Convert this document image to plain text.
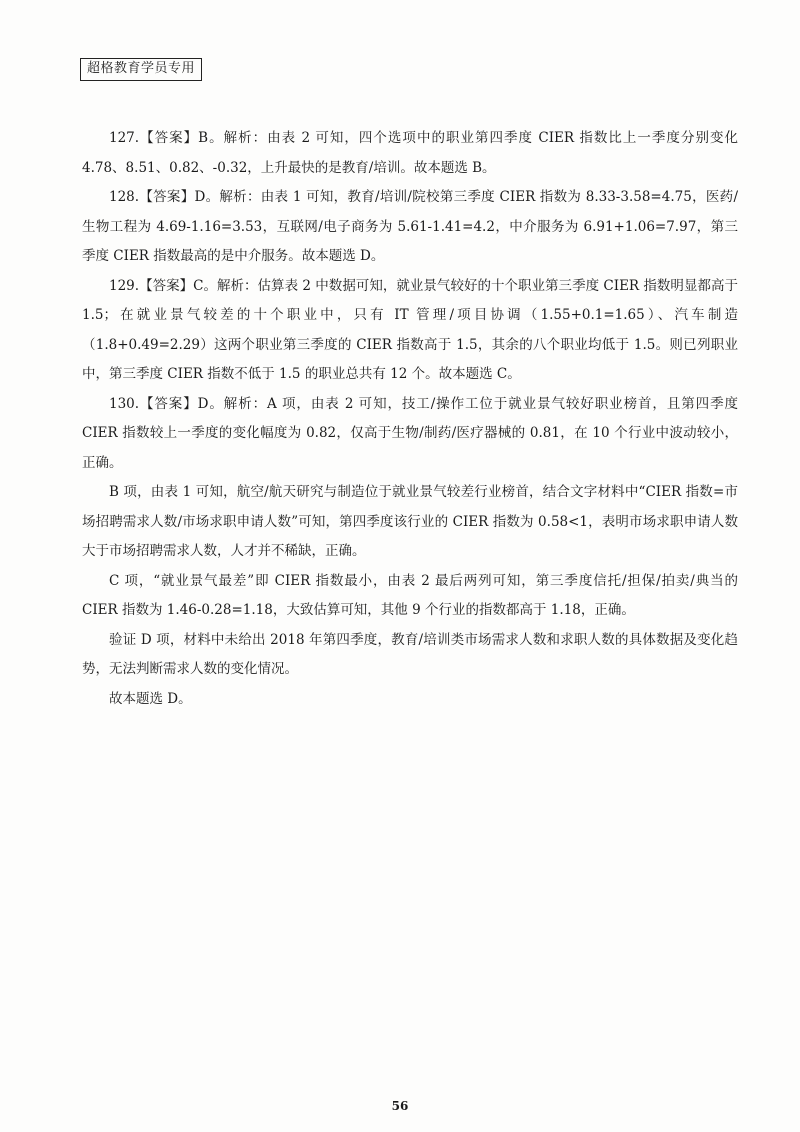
超格教育学员专用

127.【答案】B。解析：由表 2 可知，四个选项中的职业第四季度 CIER 指数比上一季度分别变化 4.78、8.51、0.82、-0.32，上升最快的是教育/培训。故本题选 B。

128.【答案】D。解析：由表 1 可知，教育/培训/院校第三季度 CIER 指数为 8.33-3.58=4.75，医药/生物工程为 4.69-1.16=3.53，互联网/电子商务为 5.61-1.41=4.2，中介服务为 6.91+1.06=7.97，第三季度 CIER 指数最高的是中介服务。故本题选 D。

129.【答案】C。解析：估算表 2 中数据可知，就业景气较好的十个职业第三季度 CIER 指数明显都高于 1.5；在就业景气较差的十个职业中，只有 IT 管理/项目协调（1.55+0.1=1.65）、汽车制造（1.8+0.49=2.29）这两个职业第三季度的 CIER 指数高于 1.5，其余的八个职业均低于 1.5。则已列职业中，第三季度 CIER 指数不低于 1.5 的职业总共有 12 个。故本题选 C。

130.【答案】D。解析：A 项，由表 2 可知，技工/操作工位于就业景气较好职业榜首，且第四季度 CIER 指数较上一季度的变化幅度为 0.82，仅高于生物/制药/医疗器械的 0.81，在 10 个行业中波动较小，正确。

B 项，由表 1 可知，航空/航天研究与制造位于就业景气较差行业榜首，结合文字材料中“CIER 指数=市场招聘需求人数/市场求职申请人数”可知，第四季度该行业的 CIER 指数为 0.58<1，表明市场求职申请人数大于市场招聘需求人数，人才并不稀缺，正确。

C 项，“就业景气最差”即 CIER 指数最小，由表 2 最后两列可知，第三季度信托/担保/拍卖/典当的 CIER 指数为 1.46-0.28=1.18，大致估算可知，其他 9 个行业的指数都高于 1.18，正确。

验证 D 项，材料中未给出 2018 年第四季度，教育/培训类市场需求人数和求职人数的具体数据及变化趋势，无法判断需求人数的变化情况。

故本题选 D。

56
